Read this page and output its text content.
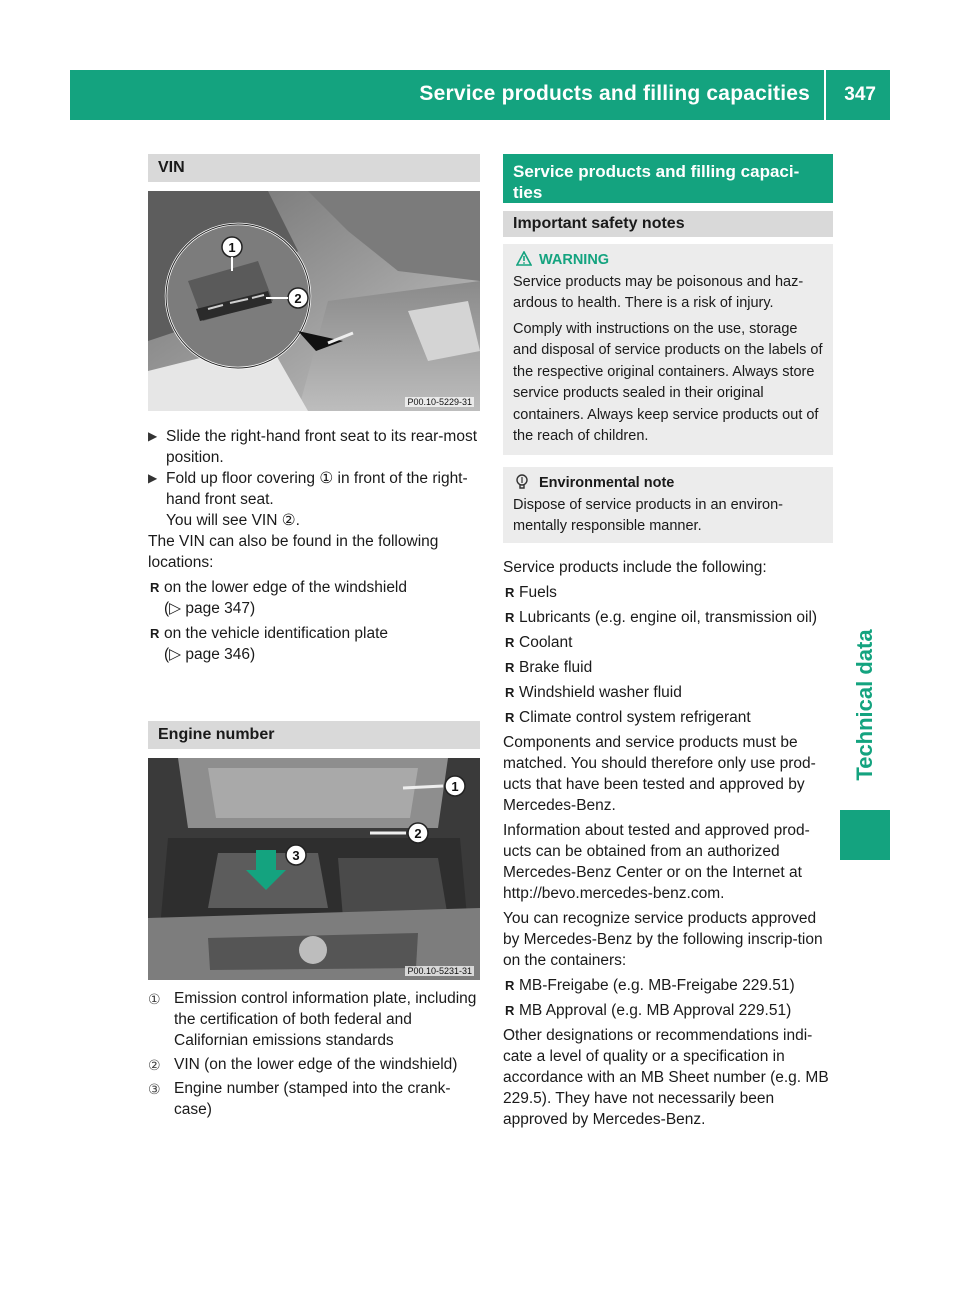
Service products and filling capacities 347
Technical data
VIN
1
2
P00.10-5229-31
▶ Slide the right-hand front seat to its rear-most position.
▶ Fold up floor covering ① in front of the right-hand front seat.
You will see VIN ②.
The VIN can also be found in the following locations:
R on the lower edge of the windshield
(▷ page 347)
R on the vehicle identification plate
(▷ page 346)
Engine number
1
2
3
P00.10-5231-31
① Emission control information plate, including the certification of both federal and Californian emissions standards
② VIN (on the lower edge of the windshield)
③ Engine number (stamped into the crank-case)
Service products and filling capaci-ties
Important safety notes
WARNING
Service products may be poisonous and haz-ardous to health. There is a risk of injury.
Comply with instructions on the use, storage and disposal of service products on the labels of the respective original containers. Always store service products sealed in their original containers. Always keep service products out of the reach of children.
Environmental note
Dispose of service products in an environ-mentally responsible manner.
Service products include the following:
R Fuels
R Lubricants (e.g. engine oil, transmission oil)
R Coolant
R Brake fluid
R Windshield washer fluid
R Climate control system refrigerant
Components and service products must be matched. You should therefore only use prod-ucts that have been tested and approved by Mercedes-Benz.
Information about tested and approved prod-ucts can be obtained from an authorized Mercedes-Benz Center or on the Internet at http://bevo.mercedes-benz.com.
You can recognize service products approved by Mercedes-Benz by the following inscrip-tion on the containers:
R MB-Freigabe (e.g. MB-Freigabe 229.51)
R MB Approval (e.g. MB Approval 229.51)
Other designations or recommendations indi-cate a level of quality or a specification in accordance with an MB Sheet number (e.g. MB 229.5). They have not necessarily been approved by Mercedes-Benz.
